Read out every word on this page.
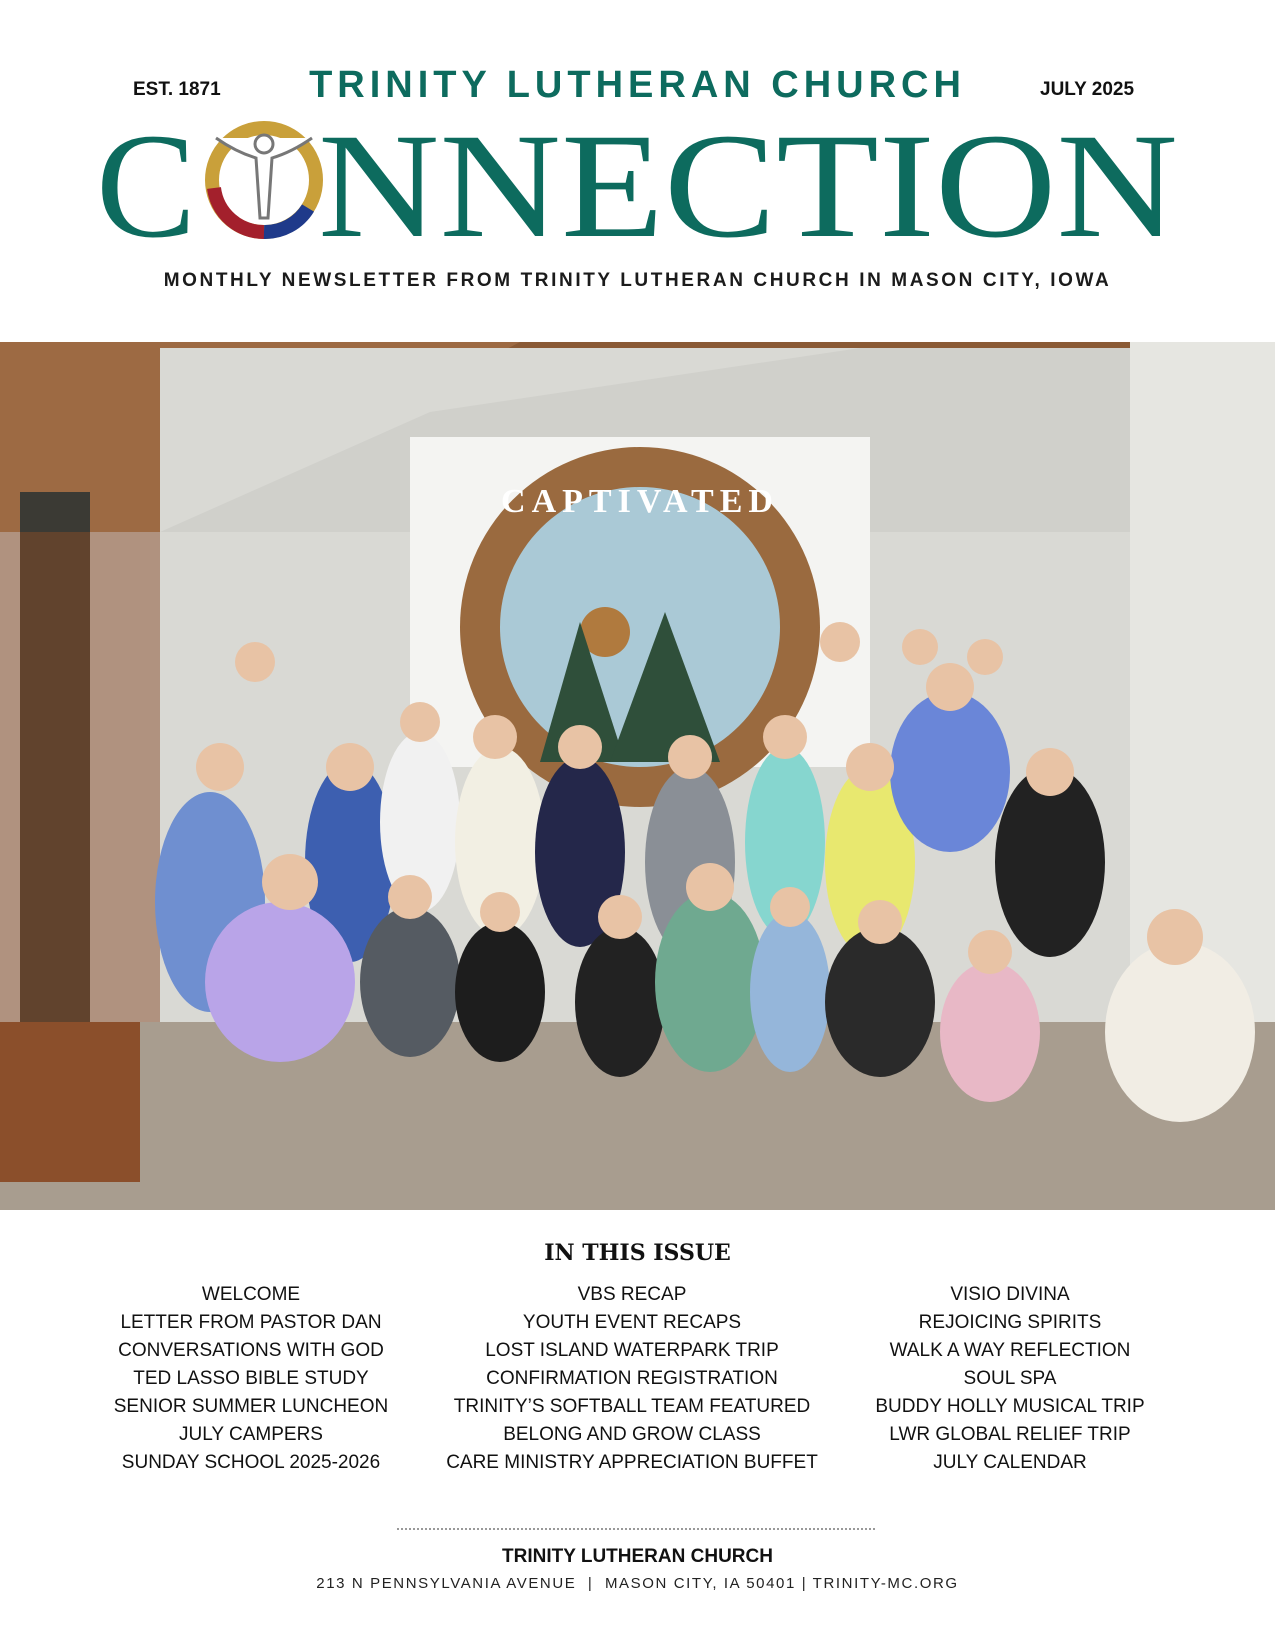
EST. 1871	JULY 2025
TRINITY LUTHERAN CHURCH
C NNECTION
MONTHLY NEWSLETTER FROM TRINITY LUTHERAN CHURCH IN MASON CITY, IOWA
CAPTIVATED
IN THIS ISSUE
WELCOME
LETTER FROM PASTOR DAN
CONVERSATIONS WITH GOD
TED LASSO BIBLE STUDY
SENIOR SUMMER LUNCHEON
JULY CAMPERS
SUNDAY SCHOOL 2025-2026
VBS RECAP
YOUTH EVENT RECAPS
LOST ISLAND WATERPARK TRIP
CONFIRMATION REGISTRATION
TRINITY’S SOFTBALL TEAM FEATURED
BELONG AND GROW CLASS
CARE MINISTRY APPRECIATION BUFFET
VISIO DIVINA
REJOICING SPIRITS
WALK A WAY REFLECTION
SOUL SPA
BUDDY HOLLY MUSICAL TRIP
LWR GLOBAL RELIEF TRIP
JULY CALENDAR
TRINITY LUTHERAN CHURCH
213 N PENNSYLVANIA AVENUE  |  MASON CITY, IA 50401 | TRINITY-MC.ORG
